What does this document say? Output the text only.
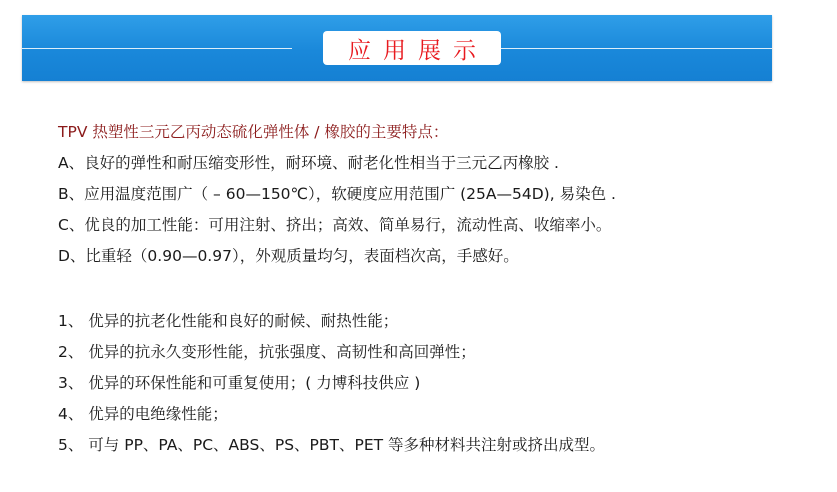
应用展示
TPV 热塑性三元乙丙动态硫化弹性体 / 橡胶的主要特点：
A、良好的弹性和耐压缩变形性，耐环境、耐老化性相当于三元乙丙橡胶 .
B、应用温度范围广（ – 60—150℃），软硬度应用范围广 (25A—54D), 易染色 .
C、优良的加工性能：可用注射、挤出；高效、简单易行，流动性高、收缩率小。
D、比重轻（0.90—0.97），外观质量均匀，表面档次高，手感好。
1、 优异的抗老化性能和良好的耐候、耐热性能；
2、 优异的抗永久变形性能，抗张强度、高韧性和高回弹性；
3、 优异的环保性能和可重复使用；( 力博科技供应 )
4、 优异的电绝缘性能；
5、 可与 PP、PA、PC、ABS、PS、PBT、PET 等多种材料共注射或挤出成型。
